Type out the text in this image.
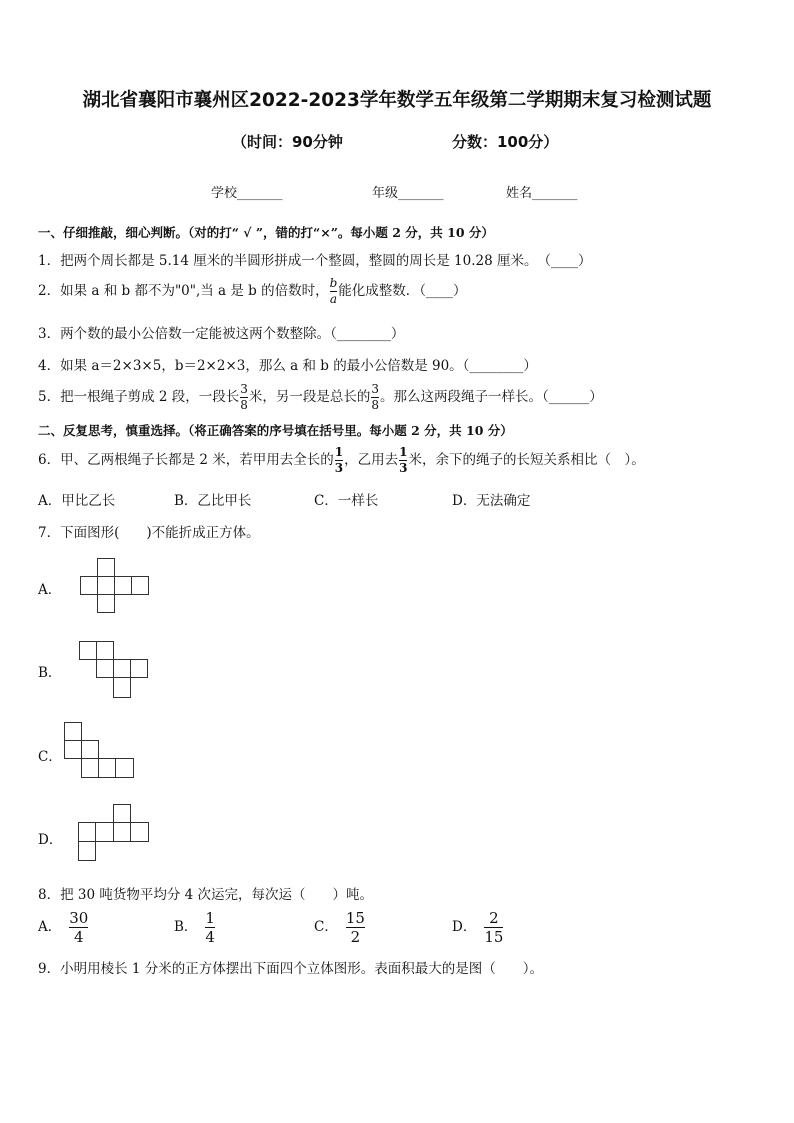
湖北省襄阳市襄州区2022-2023学年数学五年级第二学期期末复习检测试题
（时间：90分钟	分数：100分）
学校_______	年级_______	姓名_______
一、仔细推敲，细心判断。（对的打“ √ ”，错的打“×”。每小题 2 分，共 10 分）
1．把两个周长都是 5.14 厘米的半圆形拼成一个整圆，整圆的周长是 10.28 厘米。　（____）
2．如果 a 和 b 都不为"0",当 a 是 b 的倍数时， $\frac{b}{a}$ 能化成整数．（____）
3．两个数的最小公倍数一定能被这两个数整除。（________）
4．如果 a＝2×3×5，b＝2×2×3，那么 a 和 b 的最小公倍数是 90。（________）
5．把一根绳子剪成 2 段，一段长 $\frac{3}{8}$ 米，另一段是总长的 $\frac{3}{8}$ 。那么这两段绳子一样长。（______）
二、反复思考，慎重选择。（将正确答案的序号填在括号里。每小题 2 分，共 10 分）
6．甲、乙两根绳子长都是 2 米，若甲用去全长的 $\frac{1}{3}$ ，乙用去 $\frac{1}{3}$ 米，余下的绳子的长短关系相比（　）。
A．甲比乙长	B．乙比甲长	C．一样长	D．无法确定
7．下面图形(　　)不能折成正方体。
A．
B．
C．
D．
8．把 30 吨货物平均分 4 次运完，每次运（　　）吨。
A． $\frac{30}{4}$	B． $\frac{1}{4}$	C． $\frac{15}{2}$	D． $\frac{2}{15}$
9．小明用棱长 1 分米的正方体摆出下面四个立体图形。表面积最大的是图（　　）。
